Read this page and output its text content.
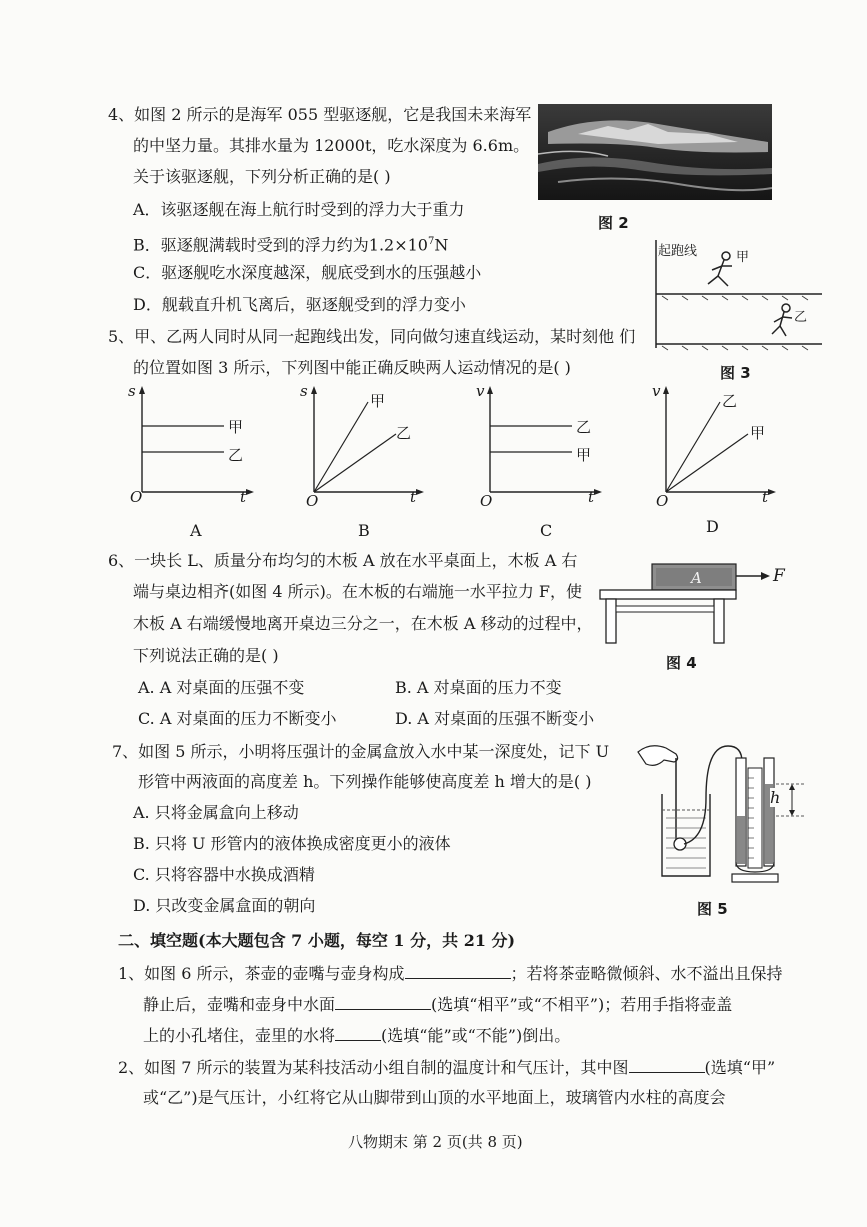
4、如图 2 所示的是海军 055 型驱逐舰，它是我国未来海军
的中坚力量。其排水量为 12000t，吃水深度为 6.6m。
关于该驱逐舰，下列分析正确的是( )
A．该驱逐舰在海上航行时受到的浮力大于重力
B．驱逐舰满载时受到的浮力约为$1.2\times 10^7N$
C．驱逐舰吃水深度越深，舰底受到水的压强越小
D．舰载直升机飞离后，驱逐舰受到的浮力变小
图 2
起跑线	甲
乙
图 3
5、甲、乙两人同时从同一起跑线出发，同向做匀速直线运动，某时刻他 们
的位置如图 3 所示，下列图中能正确反映两人运动情况的是( )
s
t
O
甲
乙
A
s
t
O
甲
乙
B
v
t
O
乙
甲
C
v
t
O
乙
甲
D
6、一块长 L、质量分布均匀的木板 A 放在水平桌面上，木板 A 右
端与桌边相齐(如图 4 所示)。在木板的右端施一水平拉力 F，使
木板 A 右端缓慢地离开桌边三分之一，在木板 A 移动的过程中，
下列说法正确的是( )
A. A 对桌面的压强不变	B. A 对桌面的压力不变
C. A 对桌面的压力不断变小	D. A 对桌面的压强不断变小
A	F
图 4
7、如图 5 所示，小明将压强计的金属盒放入水中某一深度处，记下 U
形管中两液面的高度差 h。下列操作能够使高度差 h 增大的是( )
A. 只将金属盒向上移动
B. 只将 U 形管内的液体换成密度更小的液体
C. 只将容器中水换成酒精
D. 只改变金属盒面的朝向
h
图 5
二、填空题(本大题包含 7 小题，每空 1 分，共 21 分)
1、如图 6 所示，茶壶的壶嘴与壶身构成	；若将茶壶略微倾斜、水不溢出且保持
静止后，壶嘴和壶身中水面	(选填“相平”或“不相平”)；若用手指将壶盖
上的小孔堵住，壶里的水将	(选填“能”或“不能”)倒出。
2、如图 7 所示的装置为某科技活动小组自制的温度计和气压计，其中图	(选填“甲”
或“乙”)是气压计，小红将它从山脚带到山顶的水平地面上，玻璃管内水柱的高度会
八物期末 第 2 页(共 8 页)
